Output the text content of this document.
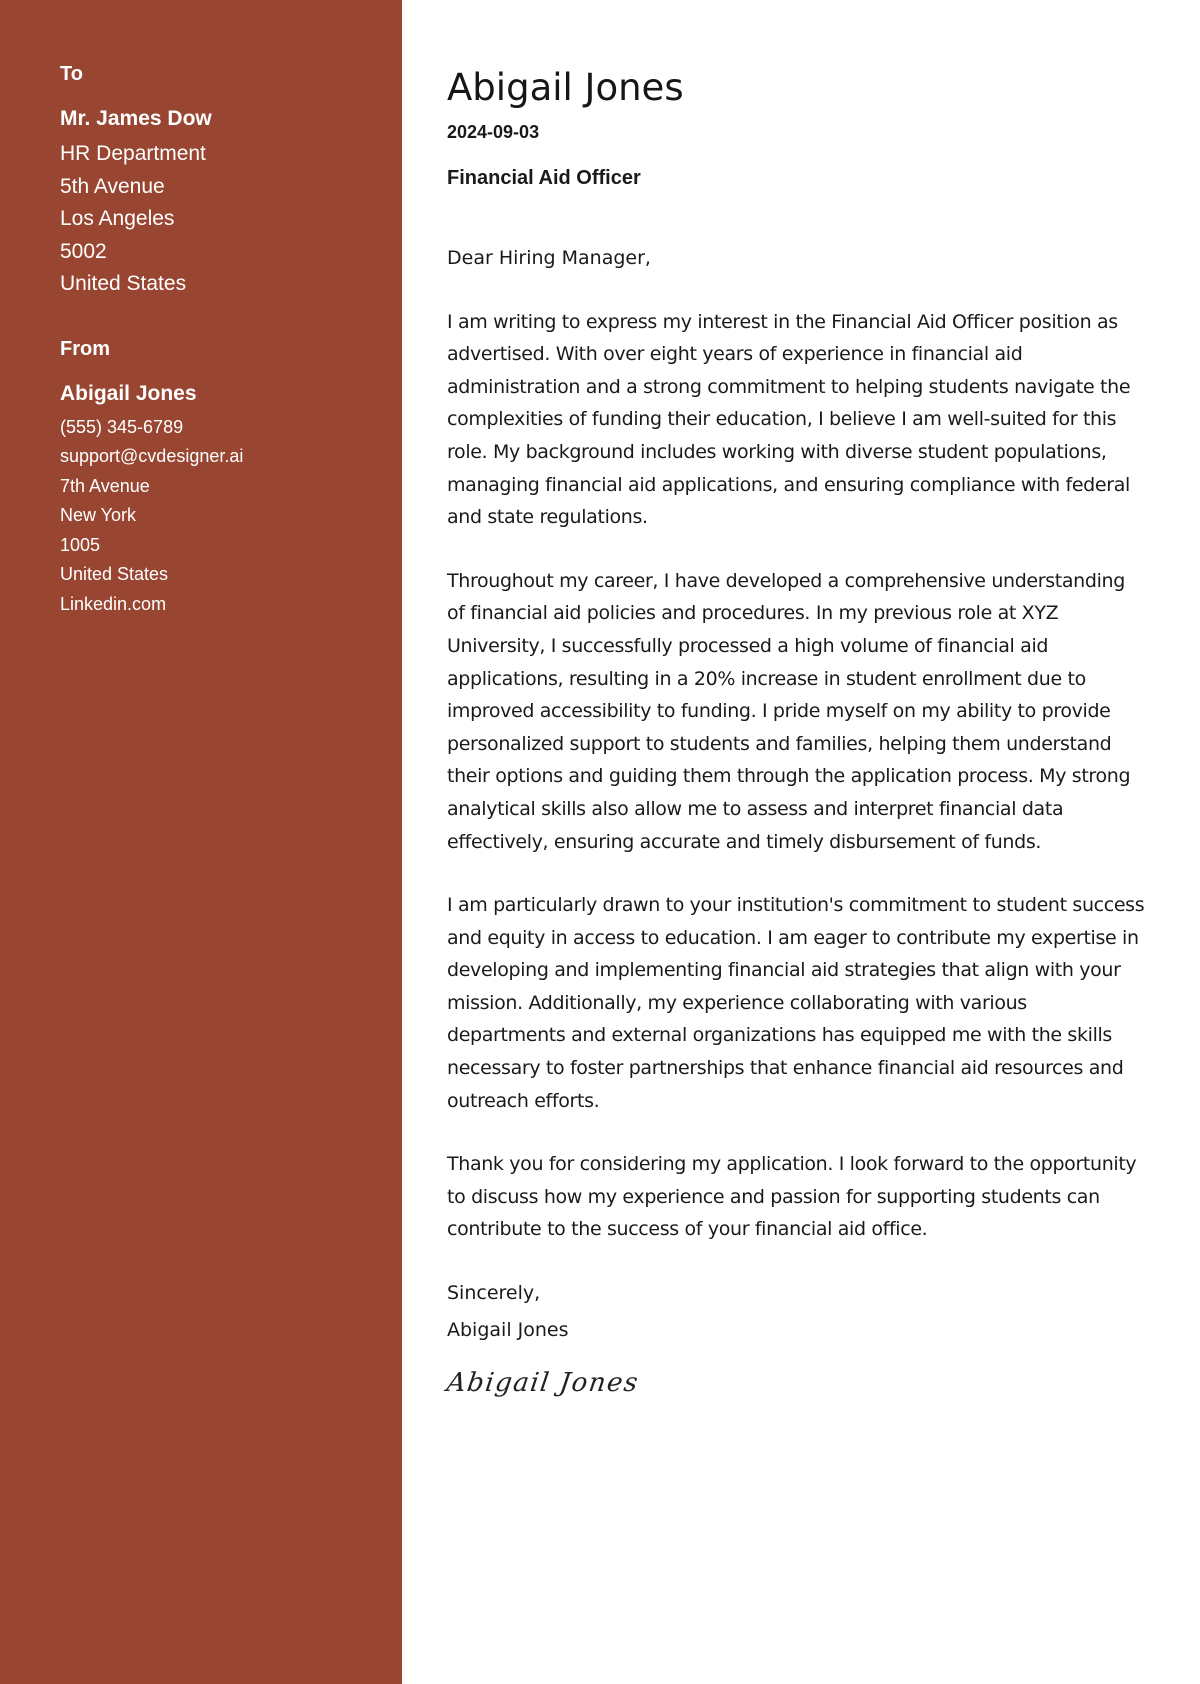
To
Mr. James Dow
HR Department
5th Avenue
Los Angeles
5002
United States
From
Abigail Jones
(555) 345-6789
support@cvdesigner.ai
7th Avenue
New York
1005
United States
Linkedin.com
Abigail Jones
2024-09-03
Financial Aid Officer
Dear Hiring Manager,

I am writing to express my interest in the Financial Aid Officer position as advertised. With over eight years of experience in financial aid administration and a strong commitment to helping students navigate the complexities of funding their education, I believe I am well-suited for this role. My background includes working with diverse student populations, managing financial aid applications, and ensuring compliance with federal and state regulations.

Throughout my career, I have developed a comprehensive understanding of financial aid policies and procedures. In my previous role at XYZ University, I successfully processed a high volume of financial aid applications, resulting in a 20% increase in student enrollment due to improved accessibility to funding. I pride myself on my ability to provide personalized support to students and families, helping them understand their options and guiding them through the application process. My strong analytical skills also allow me to assess and interpret financial data effectively, ensuring accurate and timely disbursement of funds.

I am particularly drawn to your institution's commitment to student success and equity in access to education. I am eager to contribute my expertise in developing and implementing financial aid strategies that align with your mission. Additionally, my experience collaborating with various departments and external organizations has equipped me with the skills necessary to foster partnerships that enhance financial aid resources and outreach efforts.

Thank you for considering my application. I look forward to the opportunity to discuss how my experience and passion for supporting students can contribute to the success of your financial aid office.

Sincerely,
Abigail Jones
Abigail Jones
